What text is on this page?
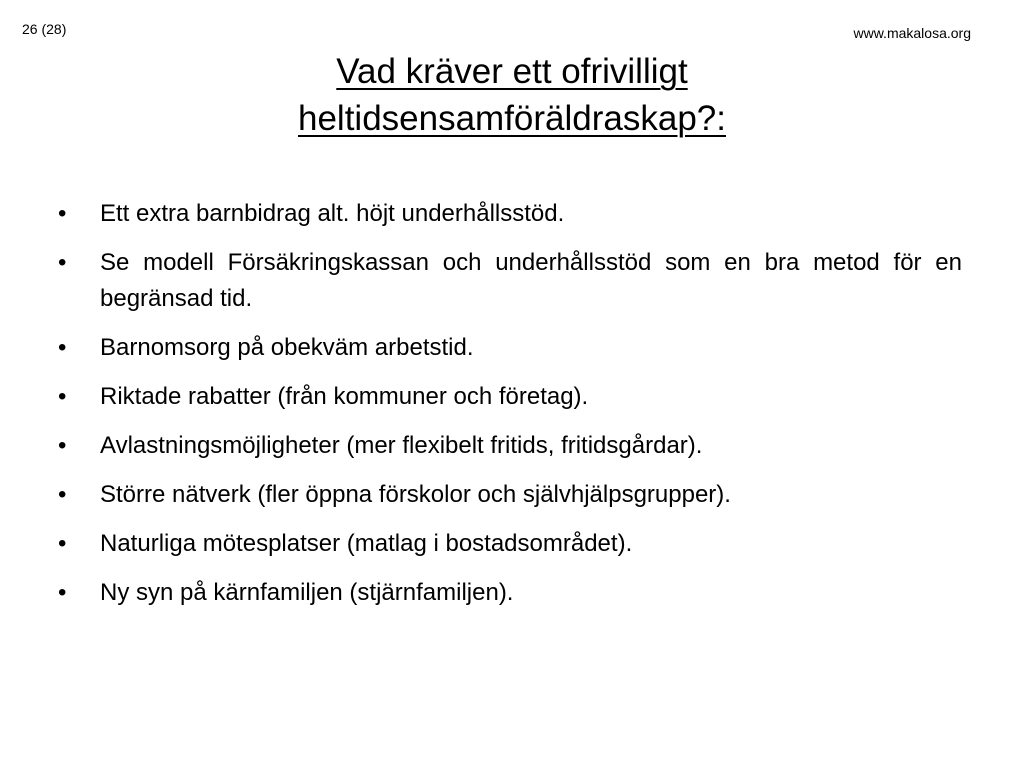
26 (28)	www.makalosa.org
Vad kräver ett ofrivilligt
heltidsensamföräldraskap?:
•	Ett extra barnbidrag alt. höjt underhållsstöd.
•	Se modell Försäkringskassan och underhållsstöd som en bra metod för en begränsad tid.
•	Barnomsorg på obekväm arbetstid.
•	Riktade rabatter (från kommuner och företag).
•	Avlastningsmöjligheter (mer flexibelt fritids, fritidsgårdar).
•	Större nätverk (fler öppna förskolor och självhjälpsgrupper).
•	Naturliga mötesplatser (matlag i bostadsområdet).
•	Ny syn på kärnfamiljen (stjärnfamiljen).
